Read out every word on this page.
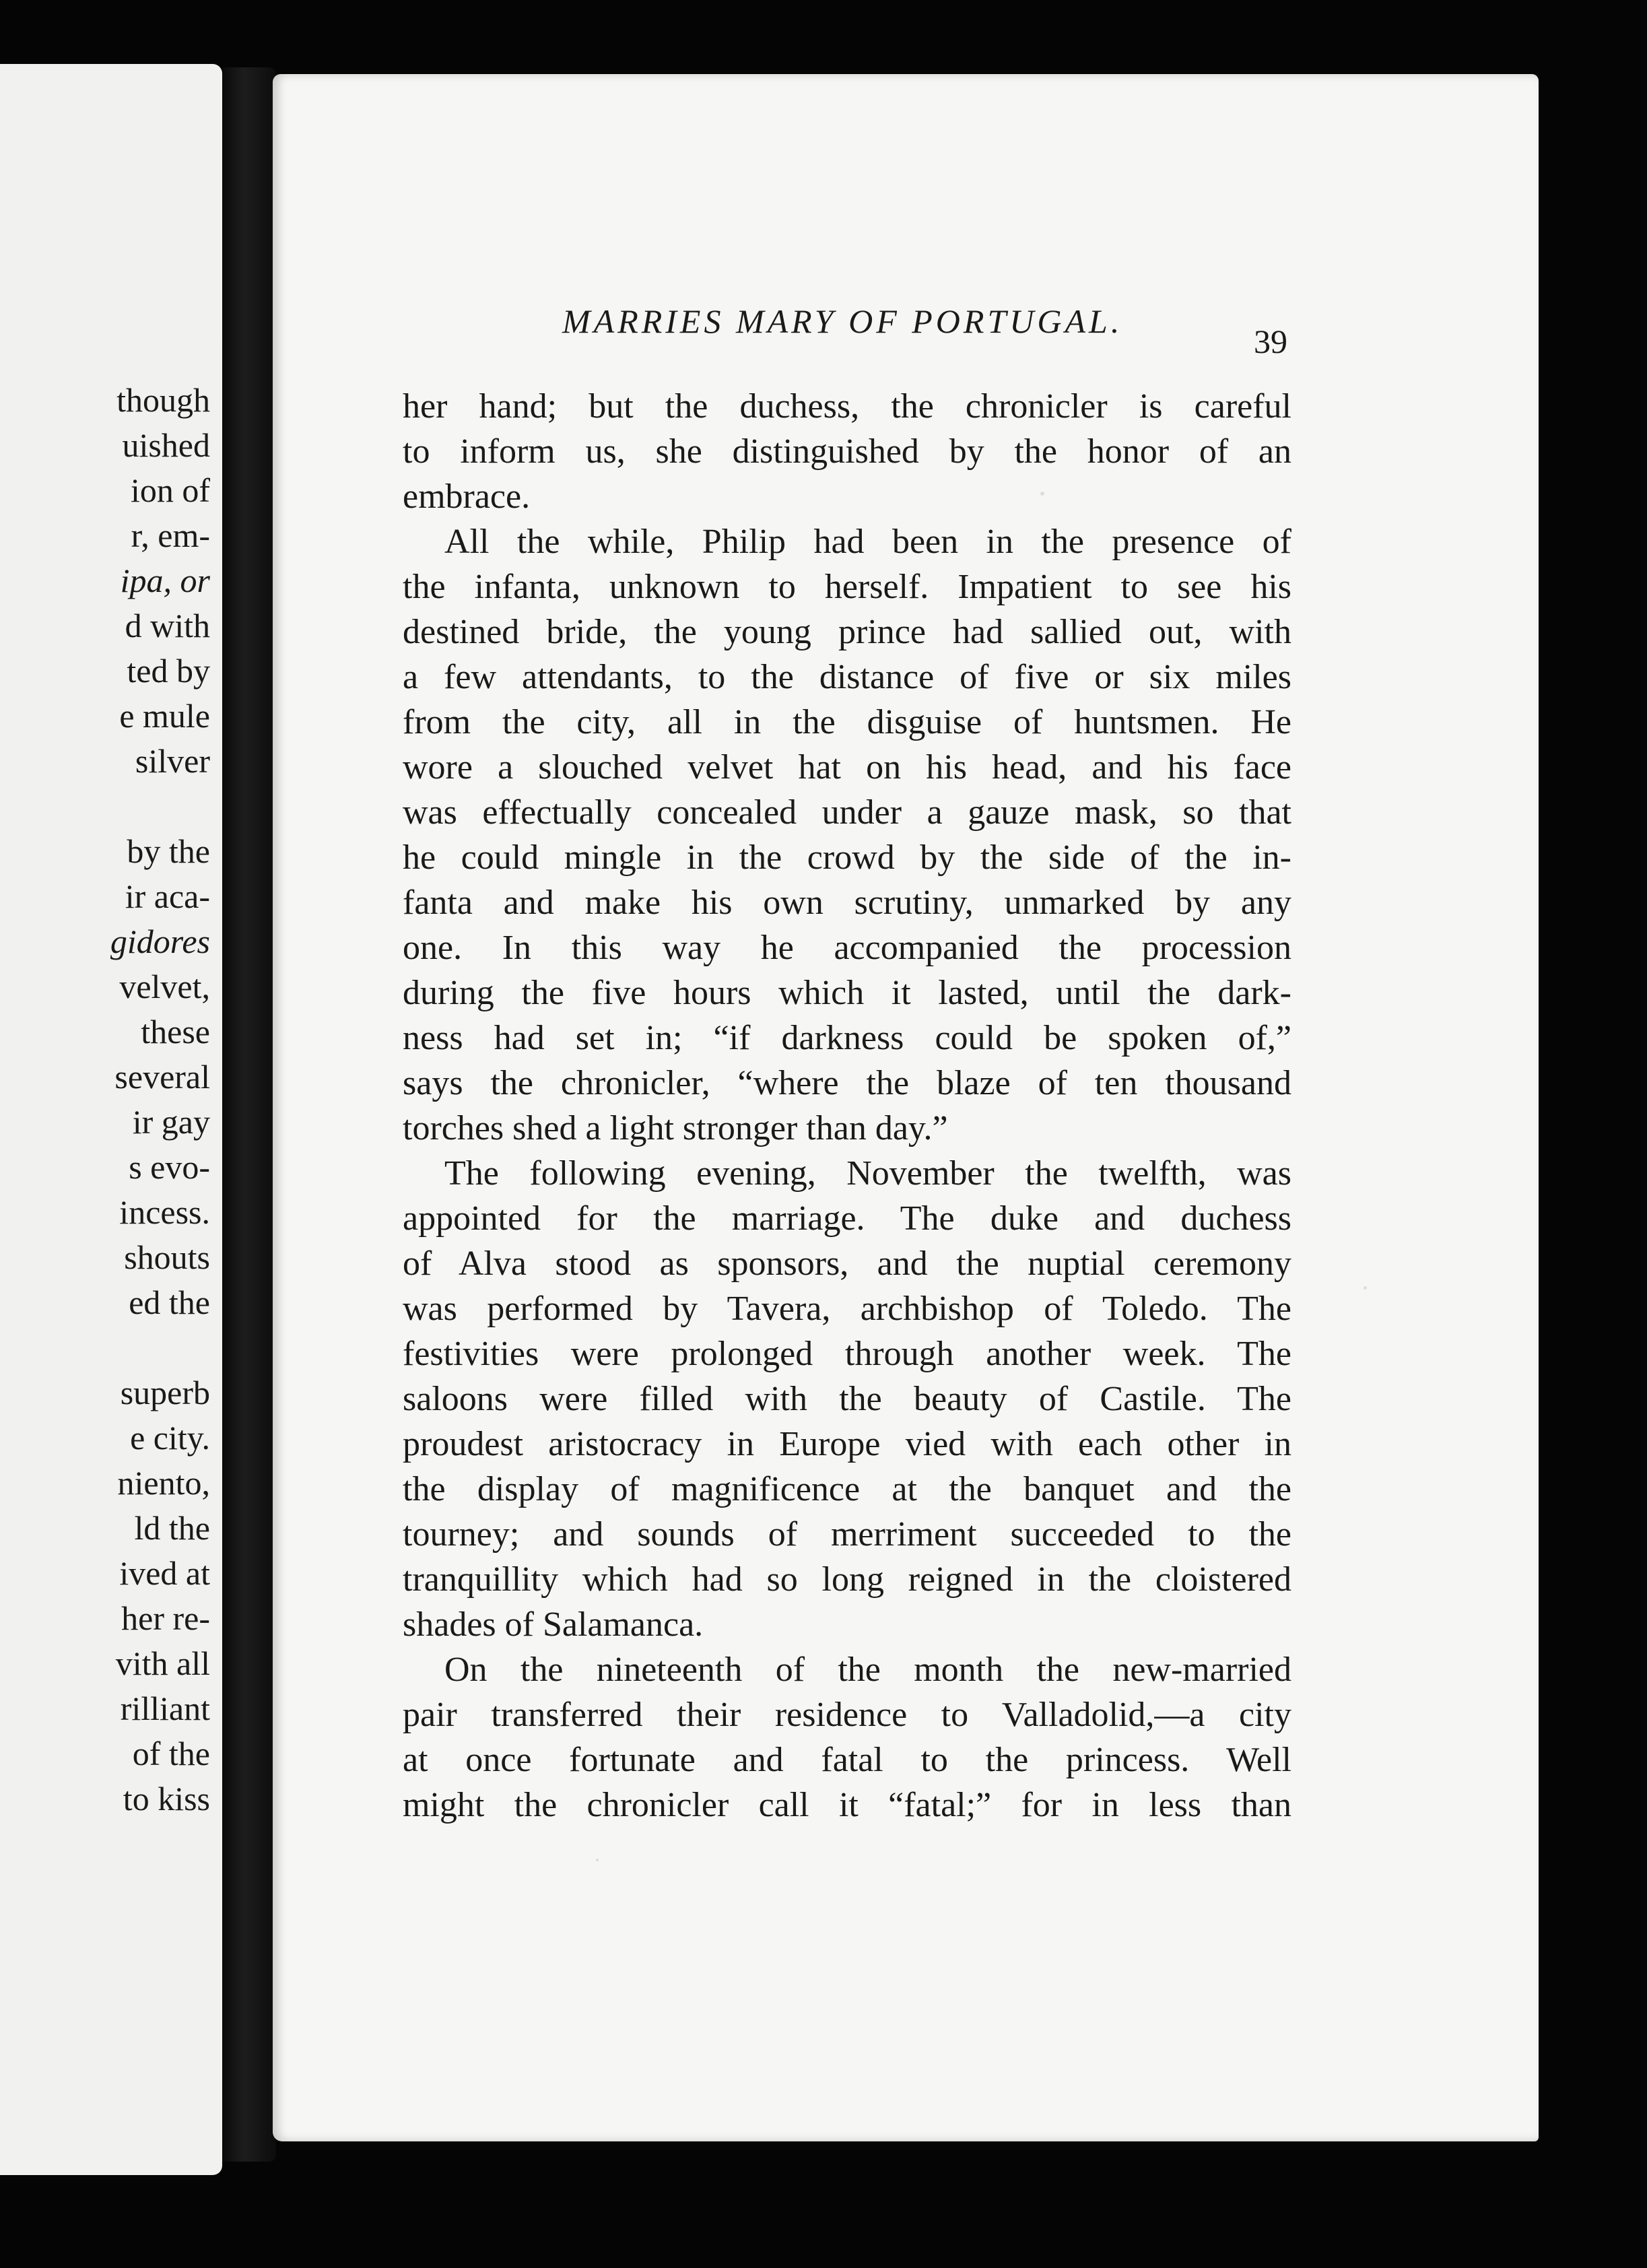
though
uished
ion of
r, em-
ipa, or
d with
ted by
e mule
silver
by the
ir aca-
gidores
velvet,
these
several
ir gay
s evo-
incess.
shouts
ed the
superb
e city.
niento,
ld the
ived at
her re-
vith all
rilliant
of the
to kiss
MARRIES MARY OF PORTUGAL.
39
her hand; but the duchess, the chronicler is careful
to inform us, she distinguished by the honor of an
embrace.
All the while, Philip had been in the presence of
the infanta, unknown to herself. Impatient to see his
destined bride, the young prince had sallied out, with
a few attendants, to the distance of five or six miles
from the city, all in the disguise of huntsmen. He
wore a slouched velvet hat on his head, and his face
was effectually concealed under a gauze mask, so that
he could mingle in the crowd by the side of the in-
fanta and make his own scrutiny, unmarked by any
one. In this way he accompanied the procession
during the five hours which it lasted, until the dark-
ness had set in; “if darkness could be spoken of,”
says the chronicler, “where the blaze of ten thousand
torches shed a light stronger than day.”
The following evening, November the twelfth, was
appointed for the marriage. The duke and duchess
of Alva stood as sponsors, and the nuptial ceremony
was performed by Tavera, archbishop of Toledo. The
festivities were prolonged through another week. The
saloons were filled with the beauty of Castile. The
proudest aristocracy in Europe vied with each other in
the display of magnificence at the banquet and the
tourney; and sounds of merriment succeeded to the
tranquillity which had so long reigned in the cloistered
shades of Salamanca.
On the nineteenth of the month the new-married
pair transferred their residence to Valladolid,—a city
at once fortunate and fatal to the princess. Well
might the chronicler call it “fatal;” for in less than
